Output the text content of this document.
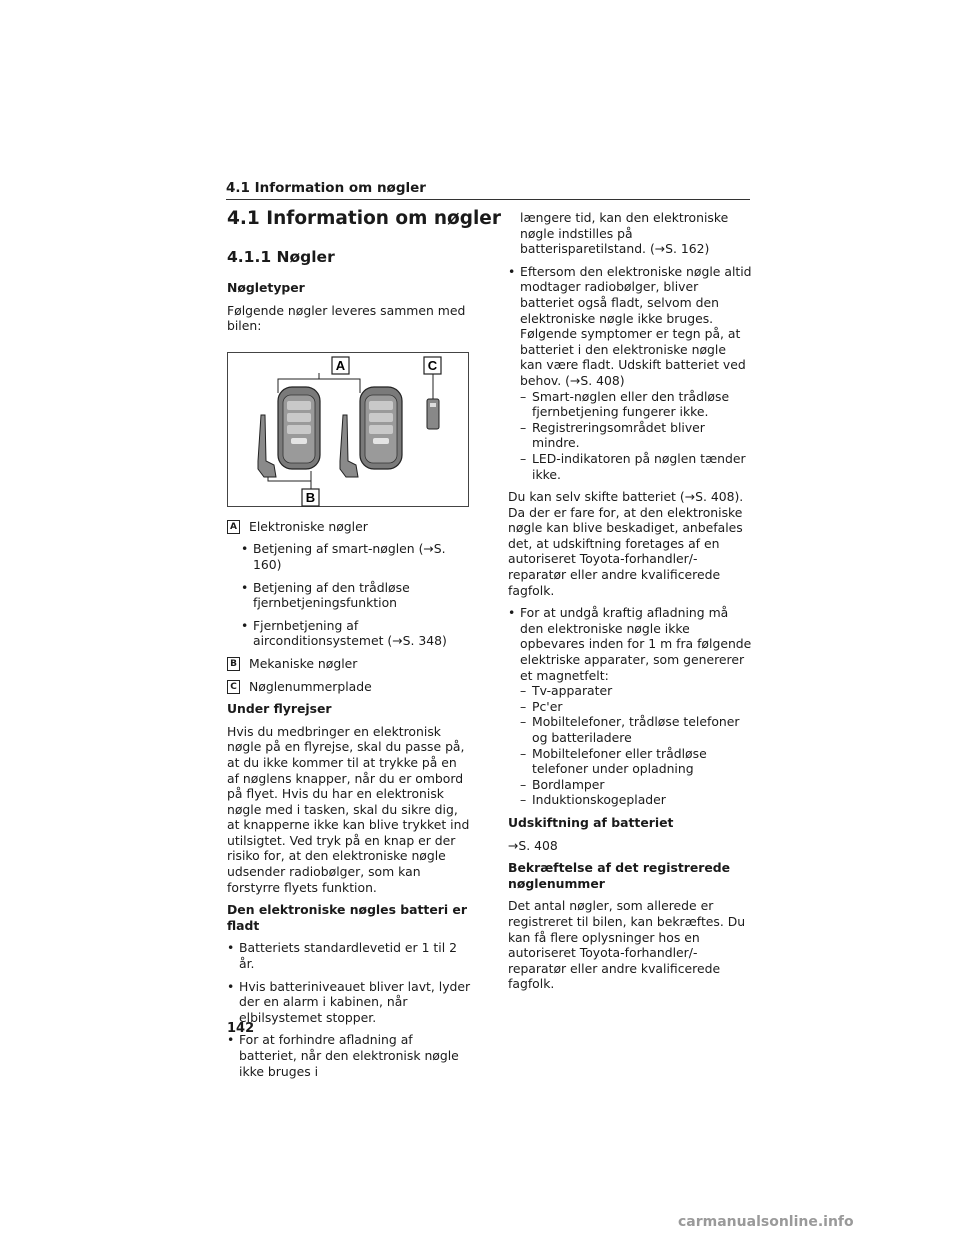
4.1 Information om nøgler
4.1 Information om nøgler
4.1.1 Nøgler
Nøgletyper

Følgende nøgler leveres sammen med bilen:

A	C
B
A Elektroniske nøgler
• Betjening af smart-nøglen (→S. 160)
• Betjening af den trådløse fjernbetjeningsfunktion
• Fjernbetjening af airconditionsystemet (→S. 348)
B Mekaniske nøgler
C Nøglenummerplade
Under flyrejser

Hvis du medbringer en elektronisk nøgle på en flyrejse, skal du passe på, at du ikke kommer til at trykke på en af nøglens knapper, når du er ombord på flyet. Hvis du har en elektronisk nøgle med i tasken, skal du sikre dig, at knapperne ikke kan blive trykket ind utilsigtet. Ved tryk på en knap er der risiko for, at den elektroniske nøgle udsender radiobølger, som kan forstyrre flyets funktion.

Den elektroniske nøgles batteri er fladt
• Batteriets standardlevetid er 1 til 2 år.
• Hvis batteriniveauet bliver lavt, lyder der en alarm i kabinen, når elbilsystemet stopper.
• For at forhindre afladning af batteriet, når den elektronisk nøgle ikke bruges i

længere tid, kan den elektroniske nøgle indstilles på batterisparetilstand. (→S. 162)

• Eftersom den elektroniske nøgle altid modtager radiobølger, bliver batteriet også fladt, selvom den elektroniske nøgle ikke bruges. Følgende symptomer er tegn på, at batteriet i den elektroniske nøgle kan være fladt. Udskift batteriet ved behov. (→S. 408)
– Smart-nøglen eller den trådløse fjernbetjening fungerer ikke.
– Registreringsområdet bliver mindre.
– LED-indikatoren på nøglen tænder ikke.

Du kan selv skifte batteriet (→S. 408). Da der er fare for, at den elektroniske nøgle kan blive beskadiget, anbefales det, at udskiftning foretages af en autoriseret Toyota-forhandler/-reparatør eller andre kvalificerede fagfolk.

• For at undgå kraftig afladning må den elektroniske nøgle ikke opbevares inden for 1 m fra følgende elektriske apparater, som genererer et magnetfelt:
– Tv-apparater
– Pc'er
– Mobiltelefoner, trådløse telefoner og batteriladere
– Mobiltelefoner eller trådløse telefoner under opladning
– Bordlamper
– Induktionskogeplader
Udskiftning af batteriet

→S. 408

Bekræftelse af det registrerede nøglenummer

Det antal nøgler, som allerede er registreret til bilen, kan bekræftes. Du kan få flere oplysninger hos en autoriseret Toyota-forhandler/-reparatør eller andre kvalificerede fagfolk.

142
carmanualsonline.info
